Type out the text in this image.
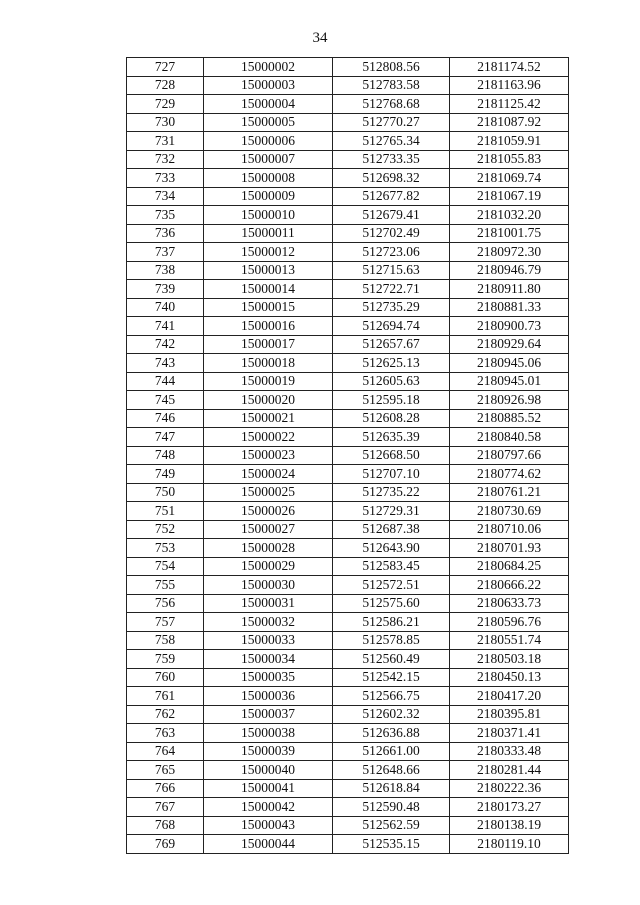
34
727	15000002	512808.56	2181174.52
728	15000003	512783.58	2181163.96
729	15000004	512768.68	2181125.42
730	15000005	512770.27	2181087.92
731	15000006	512765.34	2181059.91
732	15000007	512733.35	2181055.83
733	15000008	512698.32	2181069.74
734	15000009	512677.82	2181067.19
735	15000010	512679.41	2181032.20
736	15000011	512702.49	2181001.75
737	15000012	512723.06	2180972.30
738	15000013	512715.63	2180946.79
739	15000014	512722.71	2180911.80
740	15000015	512735.29	2180881.33
741	15000016	512694.74	2180900.73
742	15000017	512657.67	2180929.64
743	15000018	512625.13	2180945.06
744	15000019	512605.63	2180945.01
745	15000020	512595.18	2180926.98
746	15000021	512608.28	2180885.52
747	15000022	512635.39	2180840.58
748	15000023	512668.50	2180797.66
749	15000024	512707.10	2180774.62
750	15000025	512735.22	2180761.21
751	15000026	512729.31	2180730.69
752	15000027	512687.38	2180710.06
753	15000028	512643.90	2180701.93
754	15000029	512583.45	2180684.25
755	15000030	512572.51	2180666.22
756	15000031	512575.60	2180633.73
757	15000032	512586.21	2180596.76
758	15000033	512578.85	2180551.74
759	15000034	512560.49	2180503.18
760	15000035	512542.15	2180450.13
761	15000036	512566.75	2180417.20
762	15000037	512602.32	2180395.81
763	15000038	512636.88	2180371.41
764	15000039	512661.00	2180333.48
765	15000040	512648.66	2180281.44
766	15000041	512618.84	2180222.36
767	15000042	512590.48	2180173.27
768	15000043	512562.59	2180138.19
769	15000044	512535.15	2180119.10
